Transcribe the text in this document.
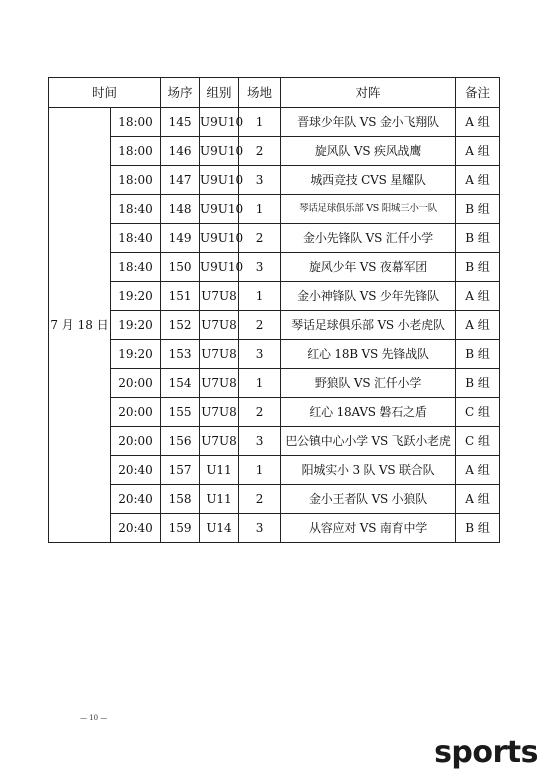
时间		场序	组别	场地	对阵	备注
7 月 18 日	18:00	145	U9U10	1	晋球少年队 VS 金小飞翔队	A 组
	18:00	146	U9U10	2	旋风队 VS 疾风战鹰	A 组
	18:00	147	U9U10	3	城西竞技 CVS 星耀队	A 组
	18:40	148	U9U10	1	琴话足球俱乐部 VS 阳城三小一队	B 组
	18:40	149	U9U10	2	金小先锋队 VS 汇仟小学	B 组
	18:40	150	U9U10	3	旋风少年 VS 夜幕军团	B 组
	19:20	151	U7U8	1	金小神锋队 VS 少年先锋队	A 组
	19:20	152	U7U8	2	琴话足球俱乐部 VS 小老虎队	A 组
	19:20	153	U7U8	3	红心 18B VS 先锋战队	B 组
	20:00	154	U7U8	1	野狼队 VS 汇仟小学	B 组
	20:00	155	U7U8	2	红心 18AVS 磐石之盾	C 组
	20:00	156	U7U8	3	巴公镇中心小学 VS 飞跃小老虎	C 组
	20:40	157	U11	1	阳城实小 3 队 VS 联合队	A 组
	20:40	158	U11	2	金小王者队 VS 小狼队	A 组
	20:40	159	U14	3	从容应对 VS 南育中学	B 组
— 10 —
sports
